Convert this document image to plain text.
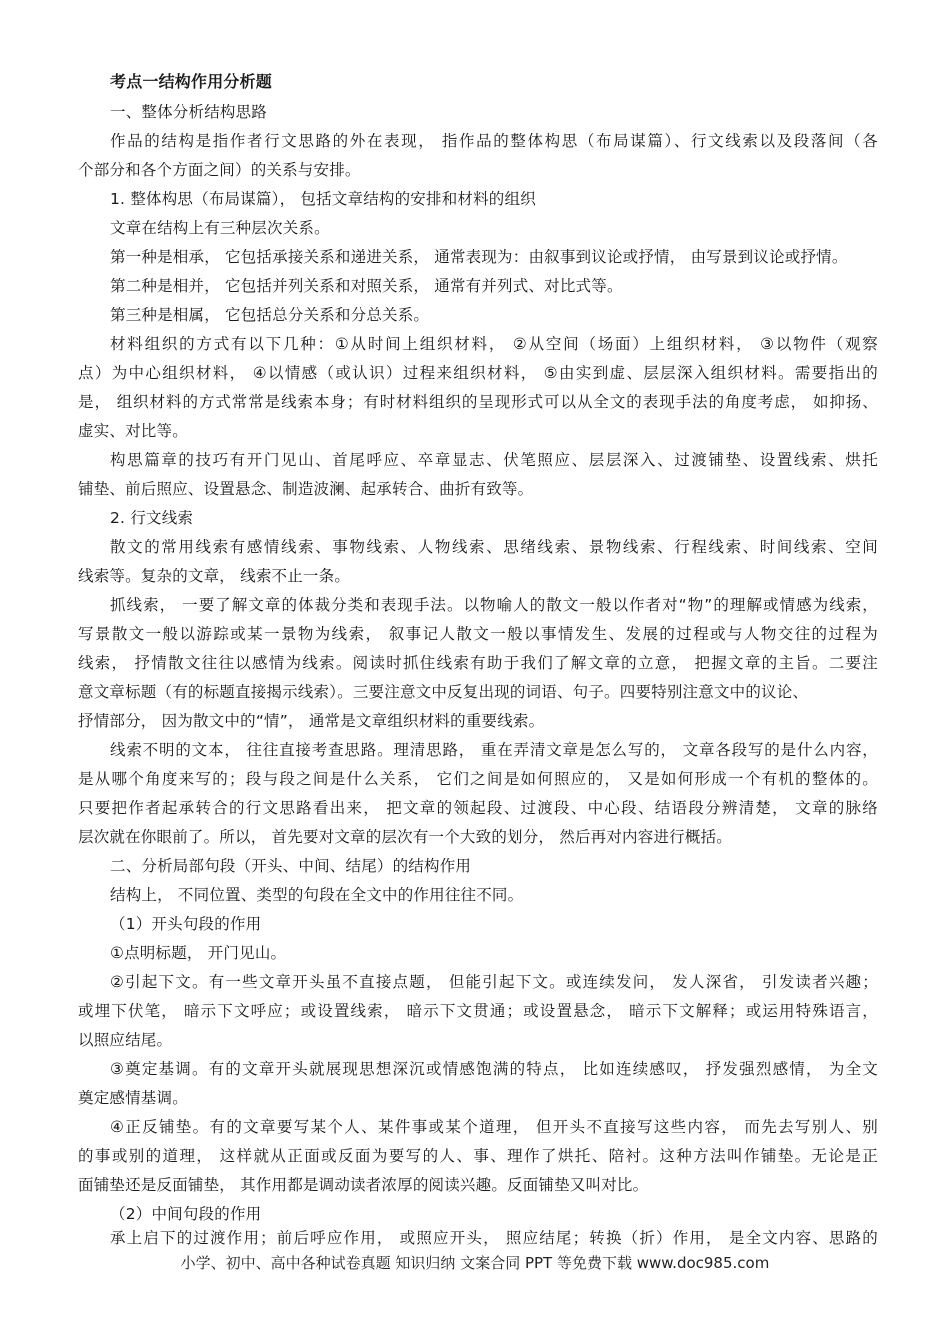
考点一结构作用分析题
一、整体分析结构思路
作品的结构是指作者行文思路的外在表现， 指作品的整体构思（布局谋篇）、行文线索以及段落间（各
个部分和各个方面之间）的关系与安排。
1. 整体构思（布局谋篇）， 包括文章结构的安排和材料的组织
文章在结构上有三种层次关系。
第一种是相承， 它包括承接关系和递进关系， 通常表现为：由叙事到议论或抒情， 由写景到议论或抒情。
第二种是相并， 它包括并列关系和对照关系， 通常有并列式、对比式等。
第三种是相属， 它包括总分关系和分总关系。
材料组织的方式有以下几种：①从时间上组织材料， ②从空间（场面）上组织材料， ③以物件（观察
点）为中心组织材料， ④以情感（或认识）过程来组织材料， ⑤由实到虚、层层深入组织材料。需要指出的
是， 组织材料的方式常常是线索本身；有时材料组织的呈现形式可以从全文的表现手法的角度考虑， 如抑扬、
虚实、对比等。
构思篇章的技巧有开门见山、首尾呼应、卒章显志、伏笔照应、层层深入、过渡铺垫、设置线索、烘托
铺垫、前后照应、设置悬念、制造波澜、起承转合、曲折有致等。
2. 行文线索
散文的常用线索有感情线索、事物线索、人物线索、思绪线索、景物线索、行程线索、时间线索、空间
线索等。复杂的文章， 线索不止一条。
抓线索， 一要了解文章的体裁分类和表现手法。以物喻人的散文一般以作者对“物”的理解或情感为线索，
写景散文一般以游踪或某一景物为线索， 叙事记人散文一般以事情发生、发展的过程或与人物交往的过程为
线索， 抒情散文往往以感情为线索。阅读时抓住线索有助于我们了解文章的立意， 把握文章的主旨。二要注
意文章标题（有的标题直接揭示线索）。三要注意文中反复出现的词语、句子。四要特别注意文中的议论、
抒情部分， 因为散文中的“情”， 通常是文章组织材料的重要线索。
线索不明的文本， 往往直接考查思路。理清思路， 重在弄清文章是怎么写的， 文章各段写的是什么内容，
是从哪个角度来写的；段与段之间是什么关系， 它们之间是如何照应的， 又是如何形成一个有机的整体的。
只要把作者起承转合的行文思路看出来， 把文章的领起段、过渡段、中心段、结语段分辨清楚， 文章的脉络
层次就在你眼前了。所以， 首先要对文章的层次有一个大致的划分， 然后再对内容进行概括。
二、分析局部句段（开头、中间、结尾）的结构作用
结构上， 不同位置、类型的句段在全文中的作用往往不同。
（1）开头句段的作用
①点明标题， 开门见山。
②引起下文。有一些文章开头虽不直接点题， 但能引起下文。或连续发问， 发人深省， 引发读者兴趣；
或埋下伏笔， 暗示下文呼应；或设置线索， 暗示下文贯通；或设置悬念， 暗示下文解释；或运用特殊语言，
以照应结尾。
③奠定基调。有的文章开头就展现思想深沉或情感饱满的特点， 比如连续感叹， 抒发强烈感情， 为全文
奠定感情基调。
④正反铺垫。有的文章要写某个人、某件事或某个道理， 但开头不直接写这些内容， 而先去写别人、别
的事或别的道理， 这样就从正面或反面为要写的人、事、理作了烘托、陪衬。这种方法叫作铺垫。无论是正
面铺垫还是反面铺垫， 其作用都是调动读者浓厚的阅读兴趣。反面铺垫又叫对比。
（2）中间句段的作用
承上启下的过渡作用；前后呼应作用， 或照应开头， 照应结尾；转换（折）作用， 是全文内容、思路的
小学、初中、高中各种试卷真题 知识归纳 文案合同 PPT 等免费下载 www.doc985.com
